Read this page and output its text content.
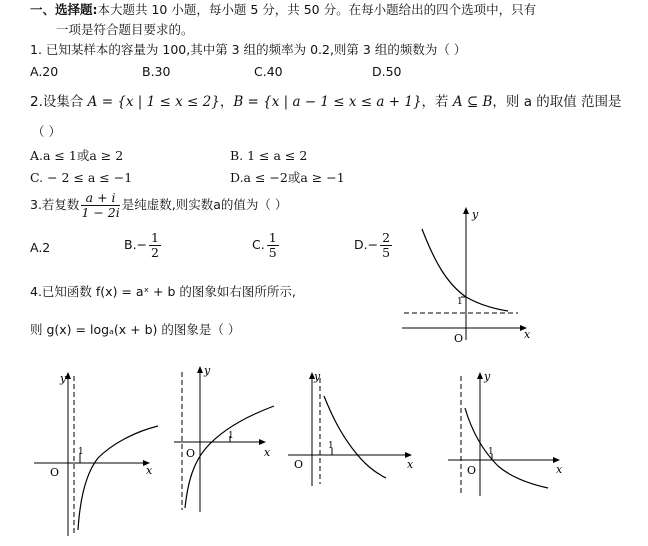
一、选择题:本大题共 10 小题，每小题 5 分，共 50 分。在每小题给出的四个选项中，只有
一项是符合题目要求的。
1. 已知某样本的容量为 100,其中第 3 组的频率为 0.2,则第 3 组的频数为（ ）
A.20	B.30	C.40	D.50
2.设集合 A = {x | 1 ≤ x ≤ 2}，B = {x | a − 1 ≤ x ≤ a + 1}，若 A ⊆ B，则 a 的取值 范围是
（ ）
A.a ≤ 1或a ≥ 2	B. 1 ≤ a ≤ 2
C. − 2 ≤ a ≤ −1	D.a ≤ −2或a ≥ −1
3.若复数 $\frac{a + i}{1 - 2i}$ 是纯虚数,则实数a的值为（ ）
A.2	$B.- \frac{1}{2}$	C. $\frac{1}{5}$	$D.- \frac{2}{5}$
4.已知函数 f(x) = aˣ + b 的图象如右图所所示,
则 g(x) = logₐ(x + b) 的图象是（ ）
y
x
O
1
y
x
O
1
y
x
O
1
y
x
O
1
y
x
O
1
